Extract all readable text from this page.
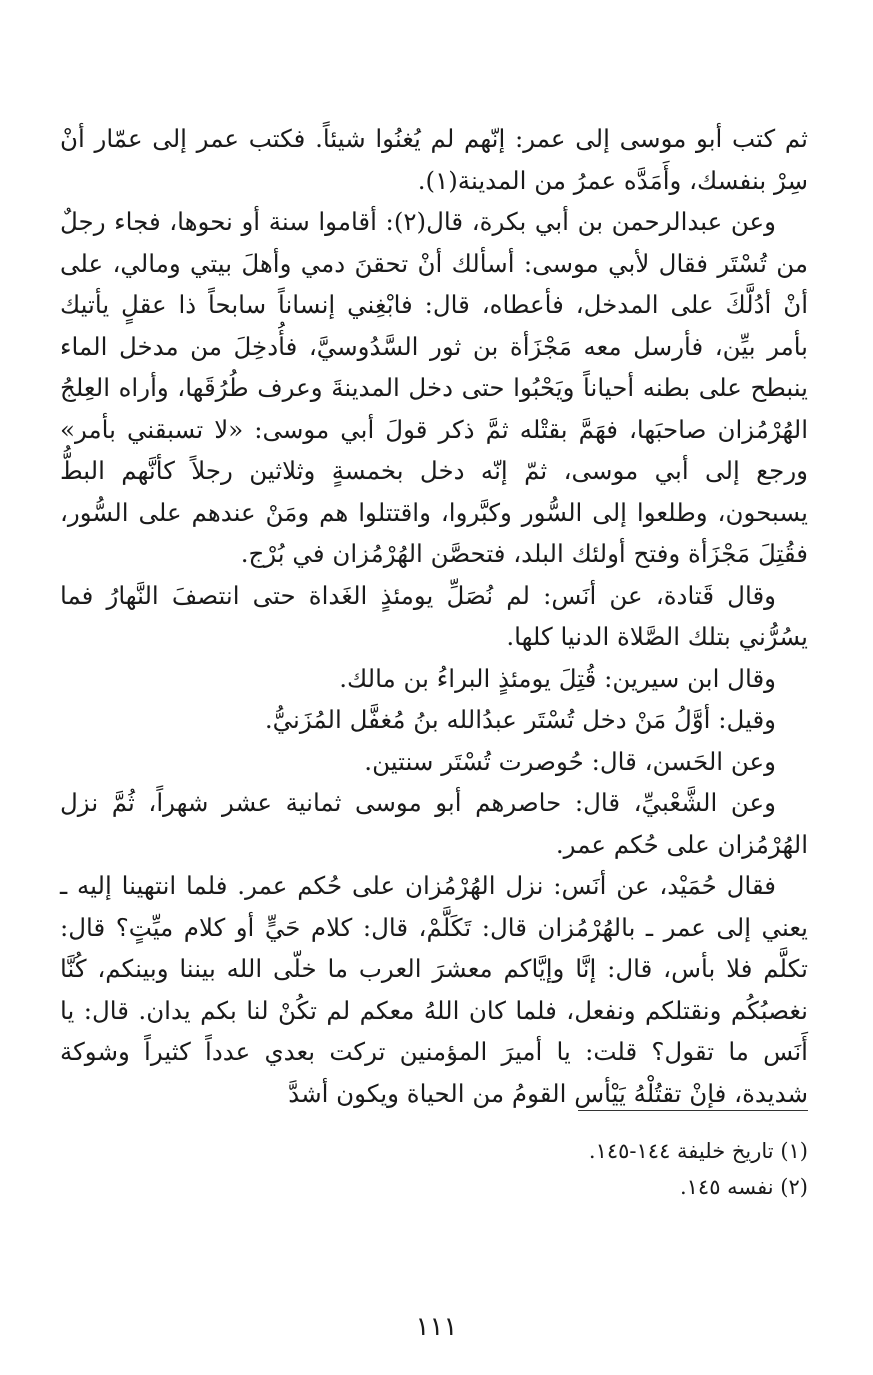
ثم كتب أبو موسى إلى عمر: إنّهم لم يُغنُوا شيئاً. فكتب عمر إلى عمّار أنْ سِرْ بنفسك، وأَمَدَّه عمرُ من المدينة(١).

وعن عبدالرحمن بن أبي بكرة، قال(٢): أقاموا سنة أو نحوها، فجاء رجلٌ من تُسْتَر فقال لأبي موسى: أسألك أنْ تحقنَ دمي وأهلَ بيتي ومالي، على أنْ أدُلَّكَ على المدخل، فأعطاه، قال: فابْغِني إنساناً سابحاً ذا عقلٍ يأتيك بأمر بيِّن، فأرسل معه مَجْزَأة بن ثور السَّدُوسيَّ، فأُدخِلَ من مدخل الماء ينبطح على بطنه أحياناً ويَحْبُوا حتى دخل المدينةَ وعرف طُرُقَها، وأراه العِلجُ الهُرْمُزان صاحبَها، فهَمَّ بقتْله ثمَّ ذكر قولَ أبي موسى: «لا تسبقني بأمر» ورجع إلى أبي موسى، ثمّ إنّه دخل بخمسةٍ وثلاثين رجلاً كأنَّهم البطُّ يسبحون، وطلعوا إلى السُّور وكبَّروا، واقتتلوا هم ومَنْ عندهم على السُّور، فقُتِلَ مَجْزَأة وفتح أولئك البلد، فتحصَّن الهُرْمُزان في بُرْج.

وقال قَتادة، عن أنَس: لم نُصَلِّ يومئذٍ الغَداة حتى انتصفَ النَّهارُ فما يسُرُّني بتلك الصَّلاة الدنيا كلها.

وقال ابن سيرين: قُتِلَ يومئذٍ البراءُ بن مالك.

وقيل: أوَّلُ مَنْ دخل تُسْتَر عبدُالله بنُ مُغفَّل المُزَنيُّ.

وعن الحَسن، قال: حُوصرت تُسْتَر سنتين.

وعن الشَّعْبيِّ، قال: حاصرهم أبو موسى ثمانية عشر شهراً، ثُمَّ نزل الهُرْمُزان على حُكم عمر.

فقال حُمَيْد، عن أنَس: نزل الهُرْمُزان على حُكم عمر. فلما انتهينا إليه ـ يعني إلى عمر ـ بالهُرْمُزان قال: تَكَلَّمْ، قال: كلام حَيٍّ أو كلام ميِّتٍ؟ قال: تكلَّم فلا بأس، قال: إنَّا وإيَّاكم معشرَ العرب ما خلّى الله بيننا وبينكم، كُنَّا نغصبُكُم ونقتلكم ونفعل، فلما كان اللهُ معكم لم تكُنْ لنا بكم يدان. قال: يا أَنَس ما تقول؟ قلت: يا أميرَ المؤمنين تركت بعدي عدداً كثيراً وشوكة شديدة، فإنْ تقتُلْهُ يَيْأس القومُ من الحياة ويكون أشدَّ

(١) تاريخ خليفة ١٤٤-١٤٥.

(٢) نفسه ١٤٥.

١١١
